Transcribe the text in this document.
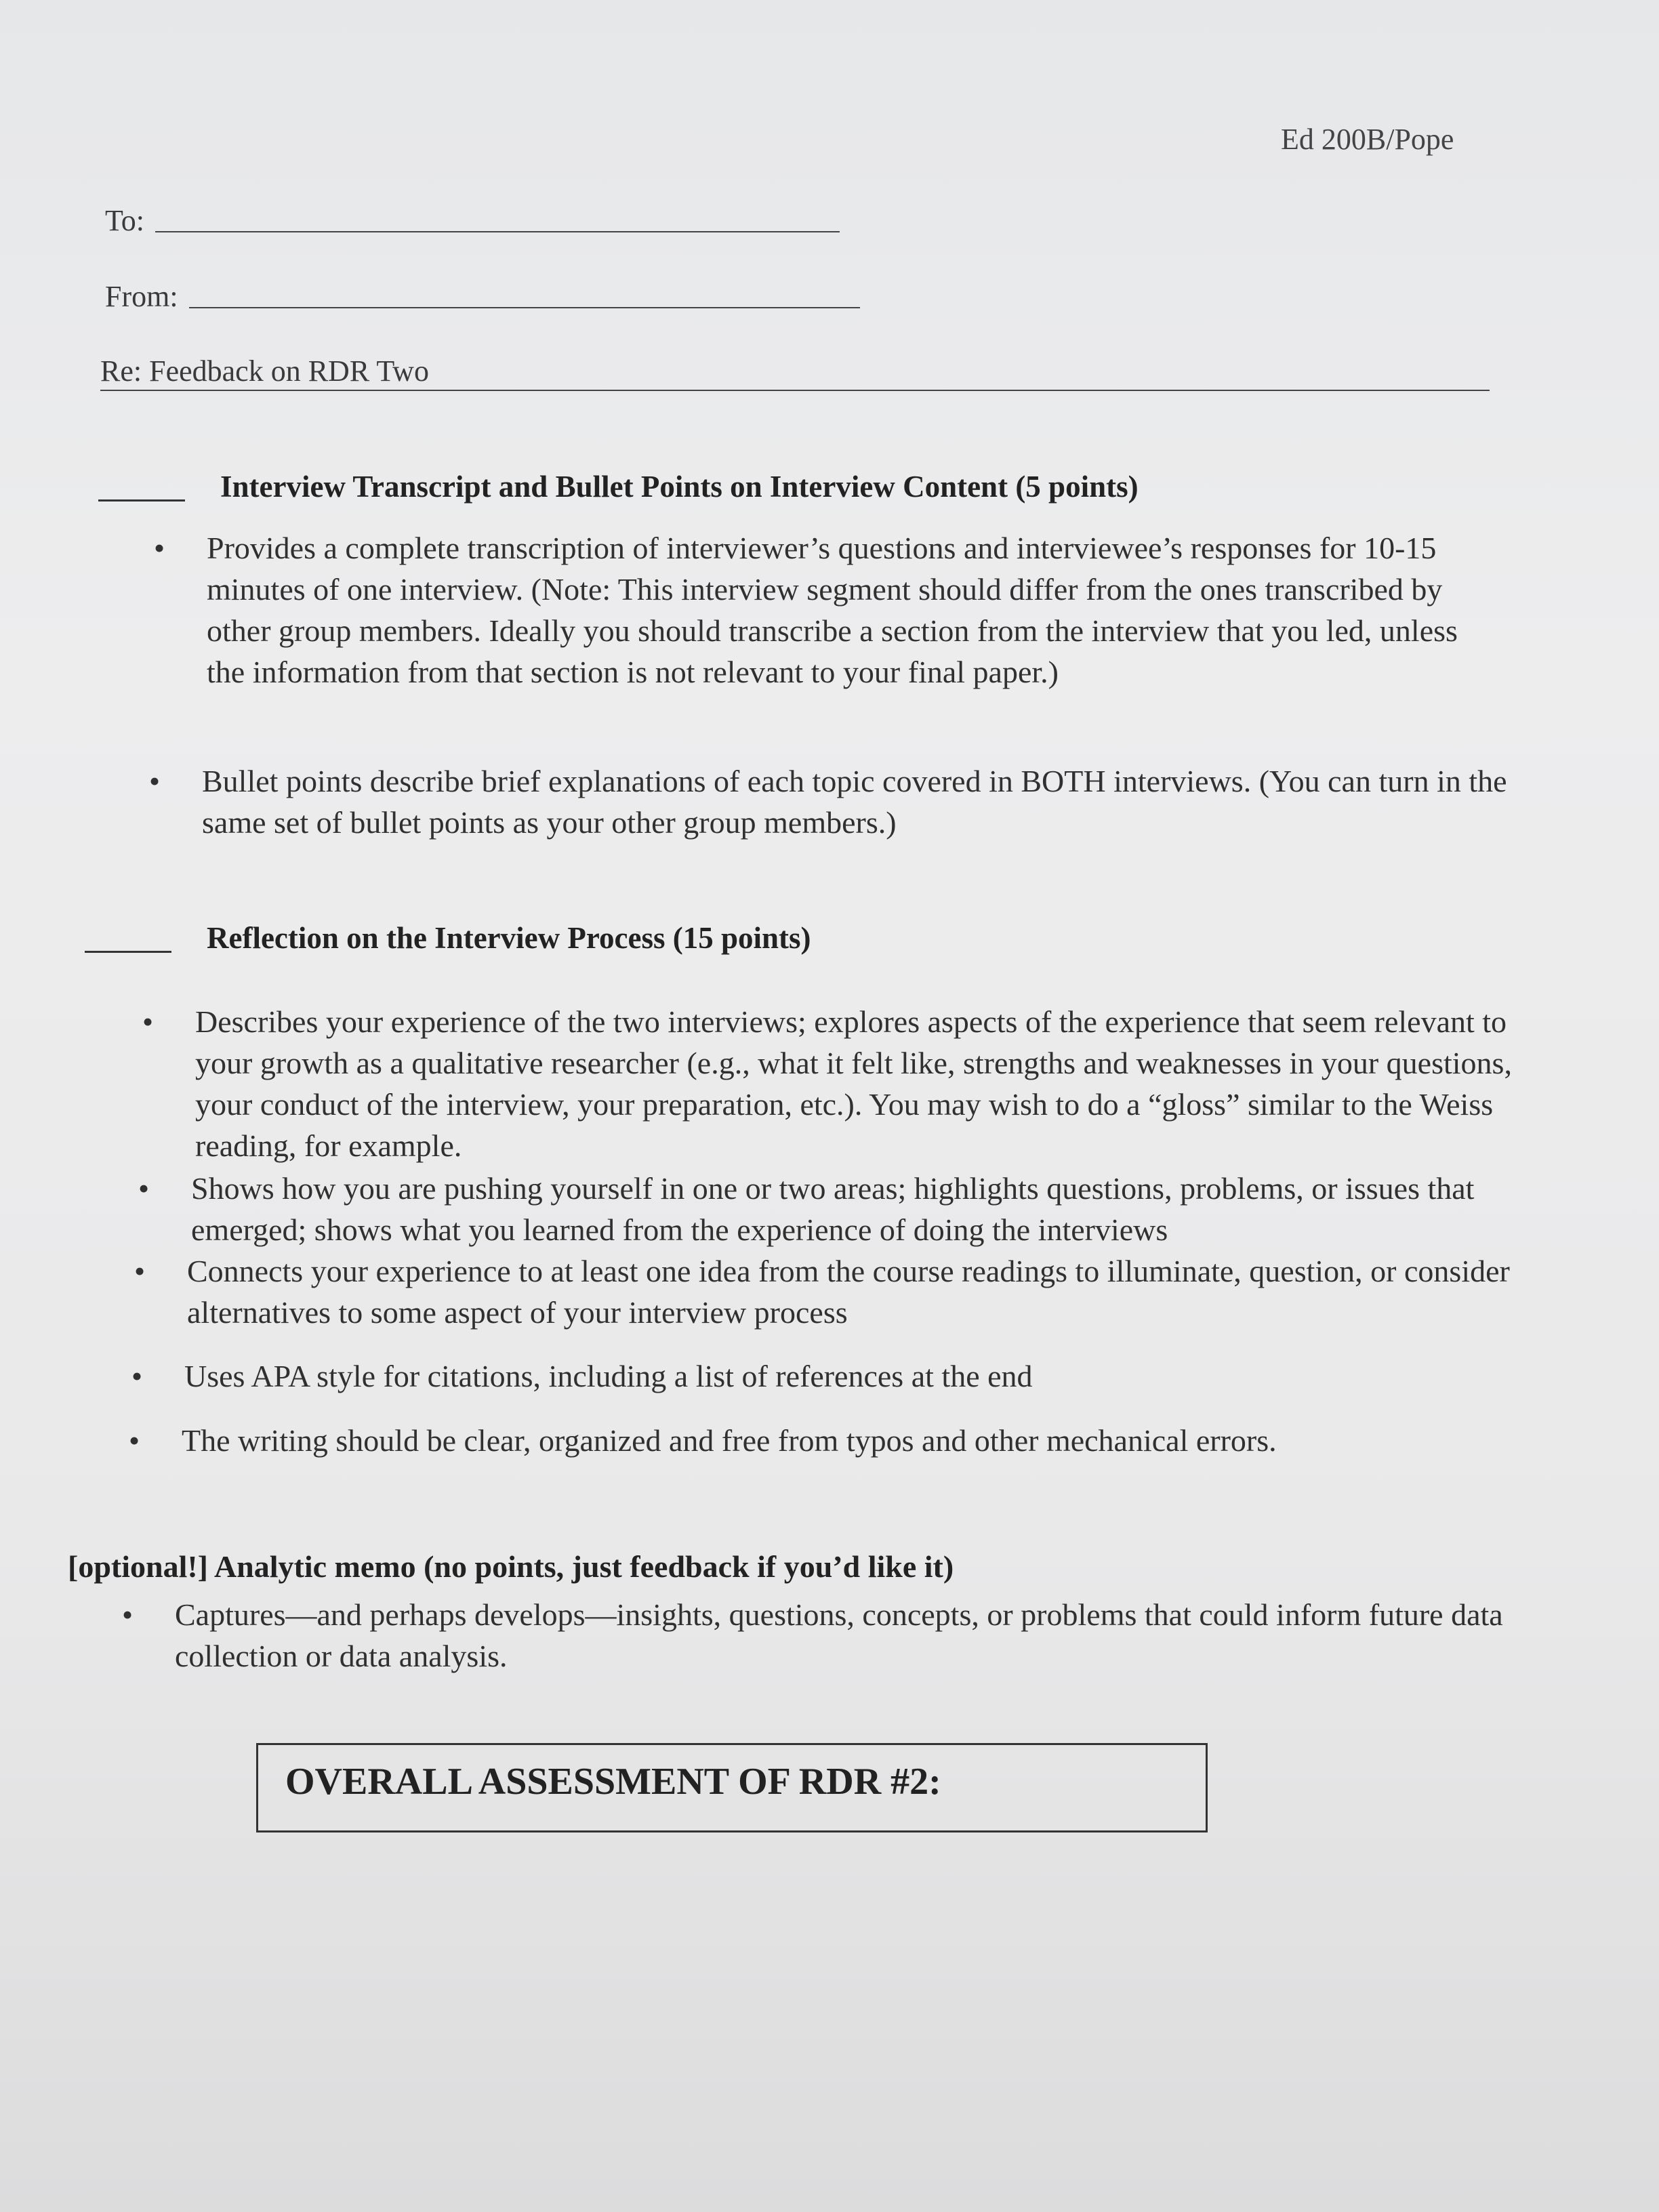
Ed 200B/Pope
To:
From:
Re: Feedback on RDR Two
Interview Transcript and Bullet Points on Interview Content (5 points)
• Provides a complete transcription of interviewer’s questions and interviewee’s responses for 10-15 minutes of one interview. (Note: This interview segment should differ from the ones transcribed by other group members. Ideally you should transcribe a section from the interview that you led, unless the information from that section is not relevant to your final paper.)
• Bullet points describe brief explanations of each topic covered in BOTH interviews. (You can turn in the same set of bullet points as your other group members.)
Reflection on the Interview Process (15 points)
• Describes your experience of the two interviews; explores aspects of the experience that seem relevant to your growth as a qualitative researcher (e.g., what it felt like, strengths and weaknesses in your questions, your conduct of the interview, your preparation, etc.). You may wish to do a “gloss” similar to the Weiss reading, for example.
• Shows how you are pushing yourself in one or two areas; highlights questions, problems, or issues that emerged; shows what you learned from the experience of doing the interviews
• Connects your experience to at least one idea from the course readings to illuminate, question, or consider alternatives to some aspect of your interview process
• Uses APA style for citations, including a list of references at the end
• The writing should be clear, organized and free from typos and other mechanical errors.
[optional!] Analytic memo (no points, just feedback if you’d like it)
• Captures—and perhaps develops—insights, questions, concepts, or problems that could inform future data collection or data analysis.
OVERALL ASSESSMENT OF RDR #2:
